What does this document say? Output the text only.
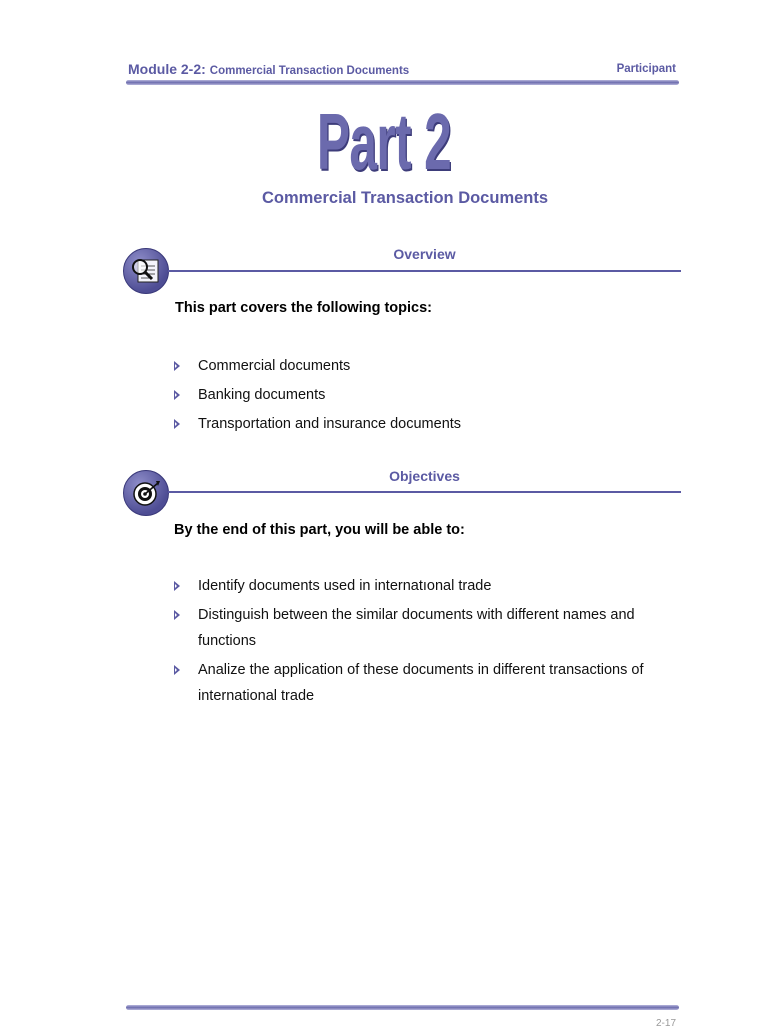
Module 2-2: Commercial Transaction Documents	Participant
Part 2
Commercial Transaction Documents
Overview
This part covers the following topics:
Commercial documents
Banking documents
Transportation and insurance documents
Objectives
By the end of this part, you will be able to:
Identify documents used in internatıonal trade
Distinguish between the similar documents with different names and functions
Analize the application of these documents in different transactions of international trade
2-17
